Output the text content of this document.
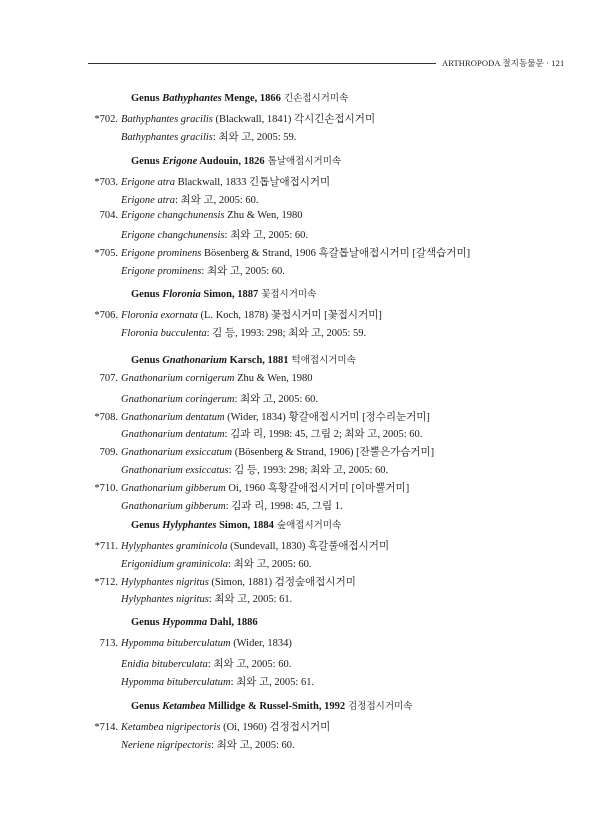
ARTHROPODA 절지동물문 · 121
Genus Bathyphantes Menge, 1866 긴손접시거미속
*702. Bathyphantes gracilis (Blackwall, 1841) 각시긴손접시거미
Bathyphantes gracilis: 최와 고, 2005: 59.
Genus Erigone Audouin, 1826 톱날애접시거미속
*703. Erigone atra Blackwall, 1833 긴톱날애접시거미
Erigone atra: 최와 고, 2005: 60.
704. Erigone changchunensis Zhu & Wen, 1980
Erigone changchunensis: 최와 고, 2005: 60.
*705. Erigone prominens Bösenberg & Strand, 1906 흑갈톱날애접시거미 [갈색습거미]
Erigone prominens: 최와 고, 2005: 60.
Genus Floronia Simon, 1887 꽃접시거미속
*706. Floronia exornata (L. Koch, 1878) 꽃접시거미 [꽃접시거미]
Floronia bucculenta: 김 등, 1993: 298; 최와 고, 2005: 59.
Genus Gnathonarium Karsch, 1881 턱애접시거미속
707. Gnathonarium cornigerum Zhu & Wen, 1980
Gnathonarium coringerum: 최와 고, 2005: 60.
*708. Gnathonarium dentatum (Wider, 1834) 황갈애접시거미 [정수리눈거미]
Gnathonarium dentatum: 김과 리, 1998: 45, 그림 2; 최와 고, 2005: 60.
709. Gnathonarium exsiccatum (Bösenberg & Strand, 1906) [잔뿔은가슴거미]
Gnathonarium exsiccatus: 김 등, 1993: 298; 최와 고, 2005: 60.
*710. Gnathonarium gibberum Oi, 1960 흑황갈애접시거미 [이마뿔거미]
Gnathonarium gibberum: 김과 리, 1998: 45, 그림 1.
Genus Hylyphantes Simon, 1884 숲애접시거미속
*711. Hylyphantes graminicola (Sundevall, 1830) 흑갈풀애접시거미
Erigonidium graminicola: 최와 고, 2005: 60.
*712. Hylyphantes nigritus (Simon, 1881) 검정숲애접시거미
Hylyphantes nigritus: 최와 고, 2005: 61.
Genus Hypomma Dahl, 1886
713. Hypomma bituberculatum (Wider, 1834)
Enidia bituberculata: 최와 고, 2005: 60.
Hypomma bituberculatum: 최와 고, 2005: 61.
Genus Ketambea Millidge & Russel-Smith, 1992 검정접시거미속
*714. Ketambea nigripectoris (Oi, 1960) 검정접시거미
Neriene nigripectoris: 최와 고, 2005: 60.
